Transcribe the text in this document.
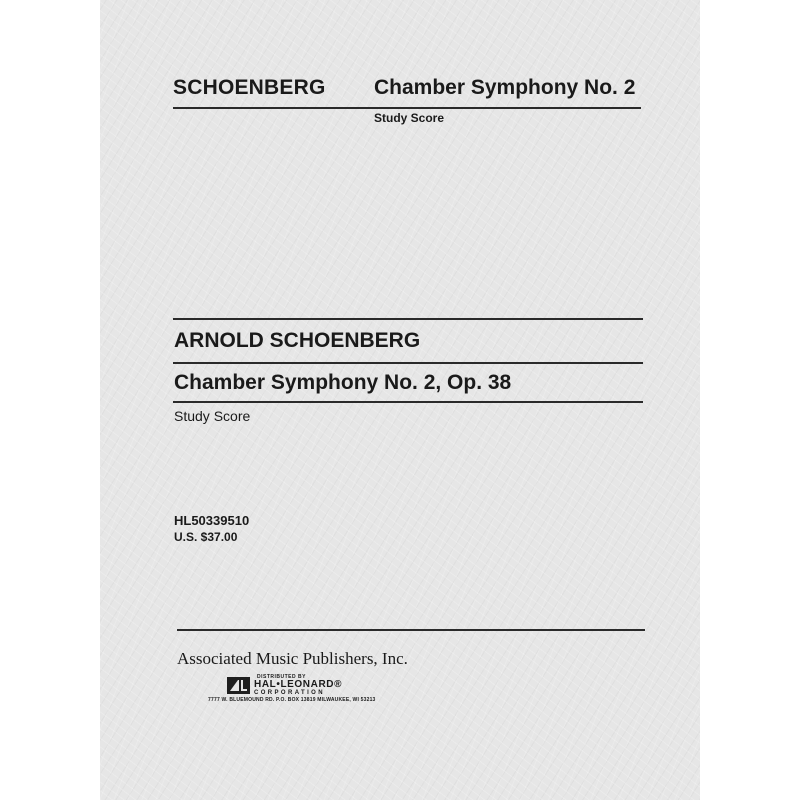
SCHOENBERG Chamber Symphony No. 2
Study Score
ARNOLD SCHOENBERG
Chamber Symphony No. 2, Op. 38
Study Score
HL50339510
U.S. $37.00
Associated Music Publishers, Inc.
DISTRIBUTED BY
HAL•LEONARD®
CORPORATION
7777 W. BLUEMOUND RD. P.O. BOX 13819 MILWAUKEE, WI 53213
